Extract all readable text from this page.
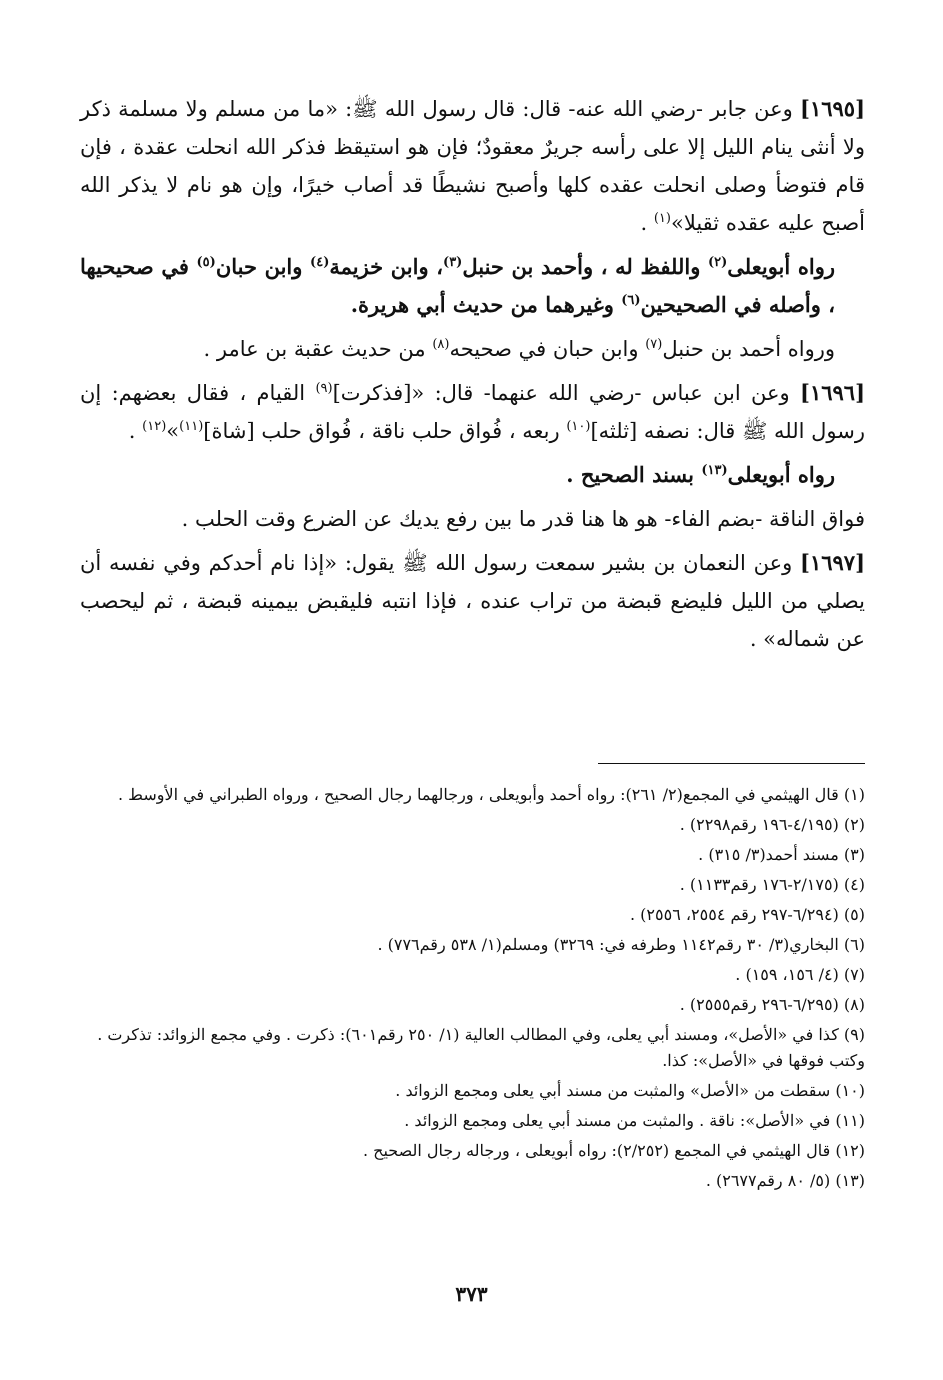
[١٦٩٥] وعن جابر -رضي الله عنه- قال: قال رسول الله ﷺ: «ما من مسلم ولا مسلمة ذكر ولا أنثى ينام الليل إلا على رأسه جريرٌ معقودٌ؛ فإن هو استيقظ فذكر الله انحلت عقدة ، فإن قام فتوضأ وصلى انحلت عقده كلها وأصبح نشيطًا قد أصاب خيرًا، وإن هو نام لا يذكر الله أصبح عليه عقده ثقيلا»$^{(١)}$ .

رواه أبويعلى$^{(٢)}$ واللفظ له ، وأحمد بن حنبل$^{(٣)}$، وابن خزيمة$^{(٤)}$ وابن حبان$^{(٥)}$ في صحيحيها ، وأصله في الصحيحين$^{(٦)}$ وغيرهما من حديث أبي هريرة.

ورواه أحمد بن حنبل$^{(٧)}$ وابن حبان في صحيحه$^{(٨)}$ من حديث عقبة بن عامر .

[١٦٩٦] وعن ابن عباس -رضي الله عنهما- قال: «[فذكرت]$^{(٩)}$ القيام ، فقال بعضهم: إن رسول الله ﷺ قال: نصفه [ثلثه]$^{(١٠)}$ ربعه ، فُواق حلب ناقة ، فُواق حلب [شاة]$^{(١١)}$»$^{(١٢)}$ .

رواه أبويعلى$^{(١٣)}$ بسند الصحيح .

فواق الناقة -بضم الفاء- هو ها هنا قدر ما بين رفع يديك عن الضرع وقت الحلب .

[١٦٩٧] وعن النعمان بن بشير سمعت رسول الله ﷺ يقول: «إذا نام أحدكم وفي نفسه أن يصلي من الليل فليضع قبضة من تراب عنده ، فإذا انتبه فليقبض بيمينه قبضة ، ثم ليحصب عن شماله» .

(١) قال الهيثمي في المجمع(٢/ ٢٦١): رواه أحمد وأبويعلى ، ورجالهما رجال الصحيح ، ورواه الطبراني في الأوسط .

(٢) (٤/١٩٥-١٩٦ رقم٢٢٩٨) .

(٣) مسند أحمد(٣/ ٣١٥) .

(٤) (٢/١٧٥-١٧٦ رقم١١٣٣) .

(٥) (٦/٢٩٤-٢٩٧ رقم ٢٥٥٤، ٢٥٥٦) .

(٦) البخاري(٣/ ٣٠ رقم١١٤٢ وطرفه في: ٣٢٦٩) ومسلم(١/ ٥٣٨ رقم٧٧٦) .

(٧) (٤/ ١٥٦، ١٥٩) .

(٨) (٦/٢٩٥-٢٩٦ رقم٢٥٥٥) .

(٩) كذا في «الأصل»، ومسند أبي يعلى، وفي المطالب العالية (١/ ٢٥٠ رقم٦٠١): ذكرت . وفي مجمع الزوائد: تذكرت . وكتب فوقها في «الأصل»: كذا.

(١٠) سقطت من «الأصل» والمثبت من مسند أبي يعلى ومجمع الزوائد .

(١١) في «الأصل»: ناقة . والمثبت من مسند أبي يعلى ومجمع الزوائد .

(١٢) قال الهيثمي في المجمع (٢/٢٥٢): رواه أبويعلى ، ورجاله رجال الصحيح .

(١٣) (٥/ ٨٠ رقم٢٦٧٧) .

٣٧٣
